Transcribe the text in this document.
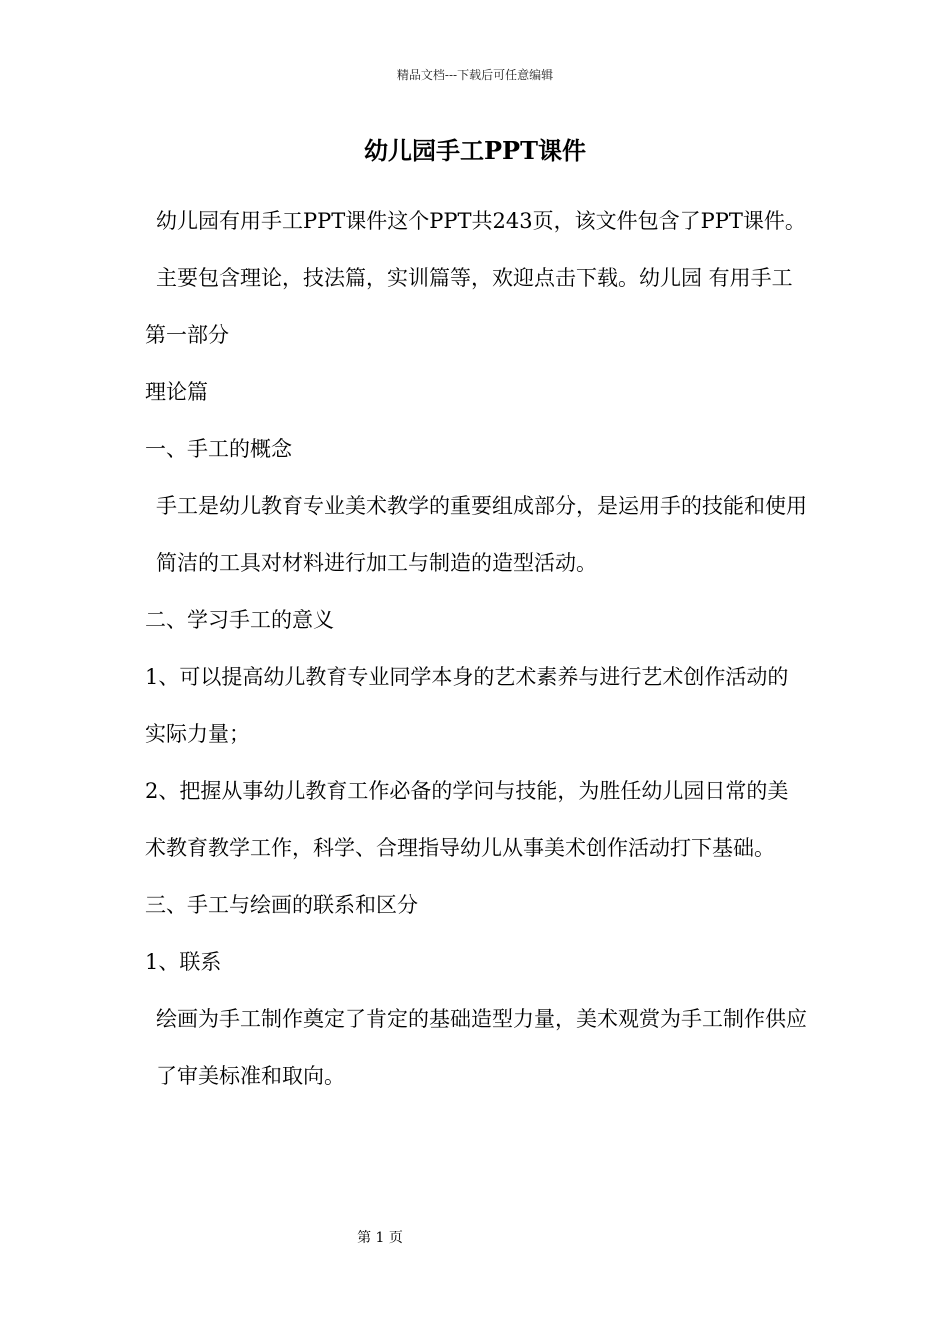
精品文档---下载后可任意编辑
幼儿园手工PPT课件

幼儿园有用手工PPT课件这个PPT共243页，该文件包含了PPT课件。主要包含理论，技法篇，实训篇等，欢迎点击下载。幼儿园 有用手工

第一部分

理论篇

一、手工的概念

手工是幼儿教育专业美术教学的重要组成部分，是运用手的技能和使用简洁的工具对材料进行加工与制造的造型活动。

二、学习手工的意义

1、可以提高幼儿教育专业同学本身的艺术素养与进行艺术创作活动的实际力量；

2、把握从事幼儿教育工作必备的学问与技能，为胜任幼儿园日常的美术教育教学工作，科学、合理指导幼儿从事美术创作活动打下基础。

三、手工与绘画的联系和区分

1、联系

绘画为手工制作奠定了肯定的基础造型力量，美术观赏为手工制作供应了审美标准和取向。

第 1 页
